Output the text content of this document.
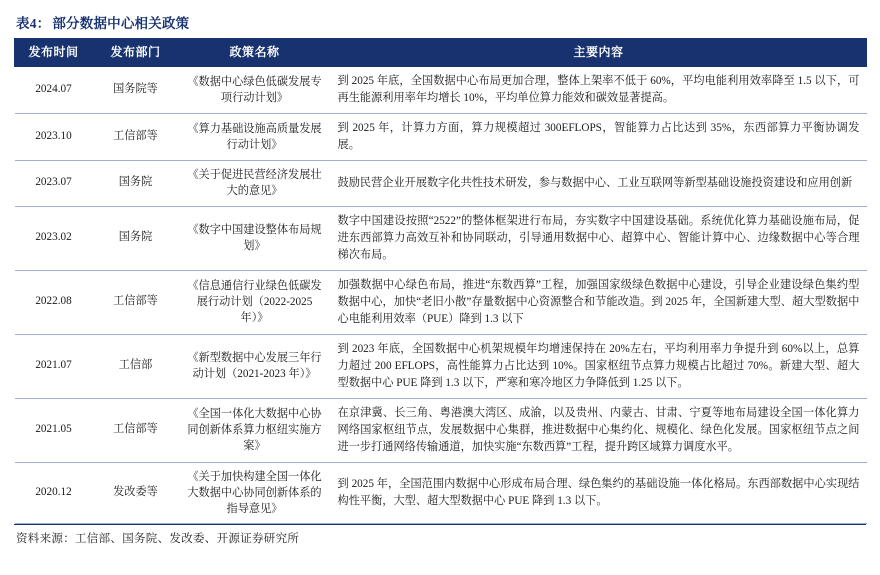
表4： 部分数据中心相关政策
发布时间	发布部门	政策名称	主要内容
2024.07	国务院等	《数据中心绿色低碳发展专项行动计划》	到 2025 年底，全国数据中心布局更加合理，整体上架率不低于 60%，平均电能利用效率降至 1.5 以下，可再生能源利用率年均增长 10%，平均单位算力能效和碳效显著提高。
2023.10	工信部等	《算力基础设施高质量发展行动计划》	到 2025 年，计算力方面，算力规模超过 300EFLOPS，智能算力占比达到 35%，东西部算力平衡协调发展。
2023.07	国务院	《关于促进民营经济发展壮大的意见》	鼓励民营企业开展数字化共性技术研发，参与数据中心、工业互联网等新型基础设施投资建设和应用创新
2023.02	国务院	《数字中国建设整体布局规划》	数字中国建设按照“2522”的整体框架进行布局，夯实数字中国建设基础。系统优化算力基础设施布局，促进东西部算力高效互补和协同联动，引导通用数据中心、超算中心、智能计算中心、边缘数据中心等合理梯次布局。
2022.08	工信部等	《信息通信行业绿色低碳发展行动计划（2022-2025 年）》	加强数据中心绿色布局，推进“东数西算”工程，加强国家级绿色数据中心建设，引导企业建设绿色集约型数据中心，加快“老旧小散”存量数据中心资源整合和节能改造。到 2025 年，全国新建大型、超大型数据中心电能利用效率（PUE）降到 1.3 以下
2021.07	工信部	《新型数据中心发展三年行动计划（2021-2023 年）》	到 2023 年底，全国数据中心机架规模年均增速保持在 20%左右，平均利用率力争提升到 60%以上，总算力超过 200 EFLOPS，高性能算力占比达到 10%。国家枢纽节点算力规模占比超过 70%。新建大型、超大型数据中心 PUE 降到 1.3 以下，严寒和寒冷地区力争降低到 1.25 以下。
2021.05	工信部等	《全国一体化大数据中心协同创新体系算力枢纽实施方案》	在京津冀、长三角、粤港澳大湾区、成渝，以及贵州、内蒙古、甘肃、宁夏等地布局建设全国一体化算力网络国家枢纽节点，发展数据中心集群，推进数据中心集约化、规模化、绿色化发展。国家枢纽节点之间进一步打通网络传输通道，加快实施“东数西算”工程，提升跨区域算力调度水平。
2020.12	发改委等	《关于加快构建全国一体化大数据中心协同创新体系的指导意见》	到 2025 年，全国范围内数据中心形成布局合理、绿色集约的基础设施一体化格局。东西部数据中心实现结构性平衡，大型、超大型数据中心 PUE 降到 1.3 以下。
资料来源：工信部、国务院、发改委、开源证券研究所
